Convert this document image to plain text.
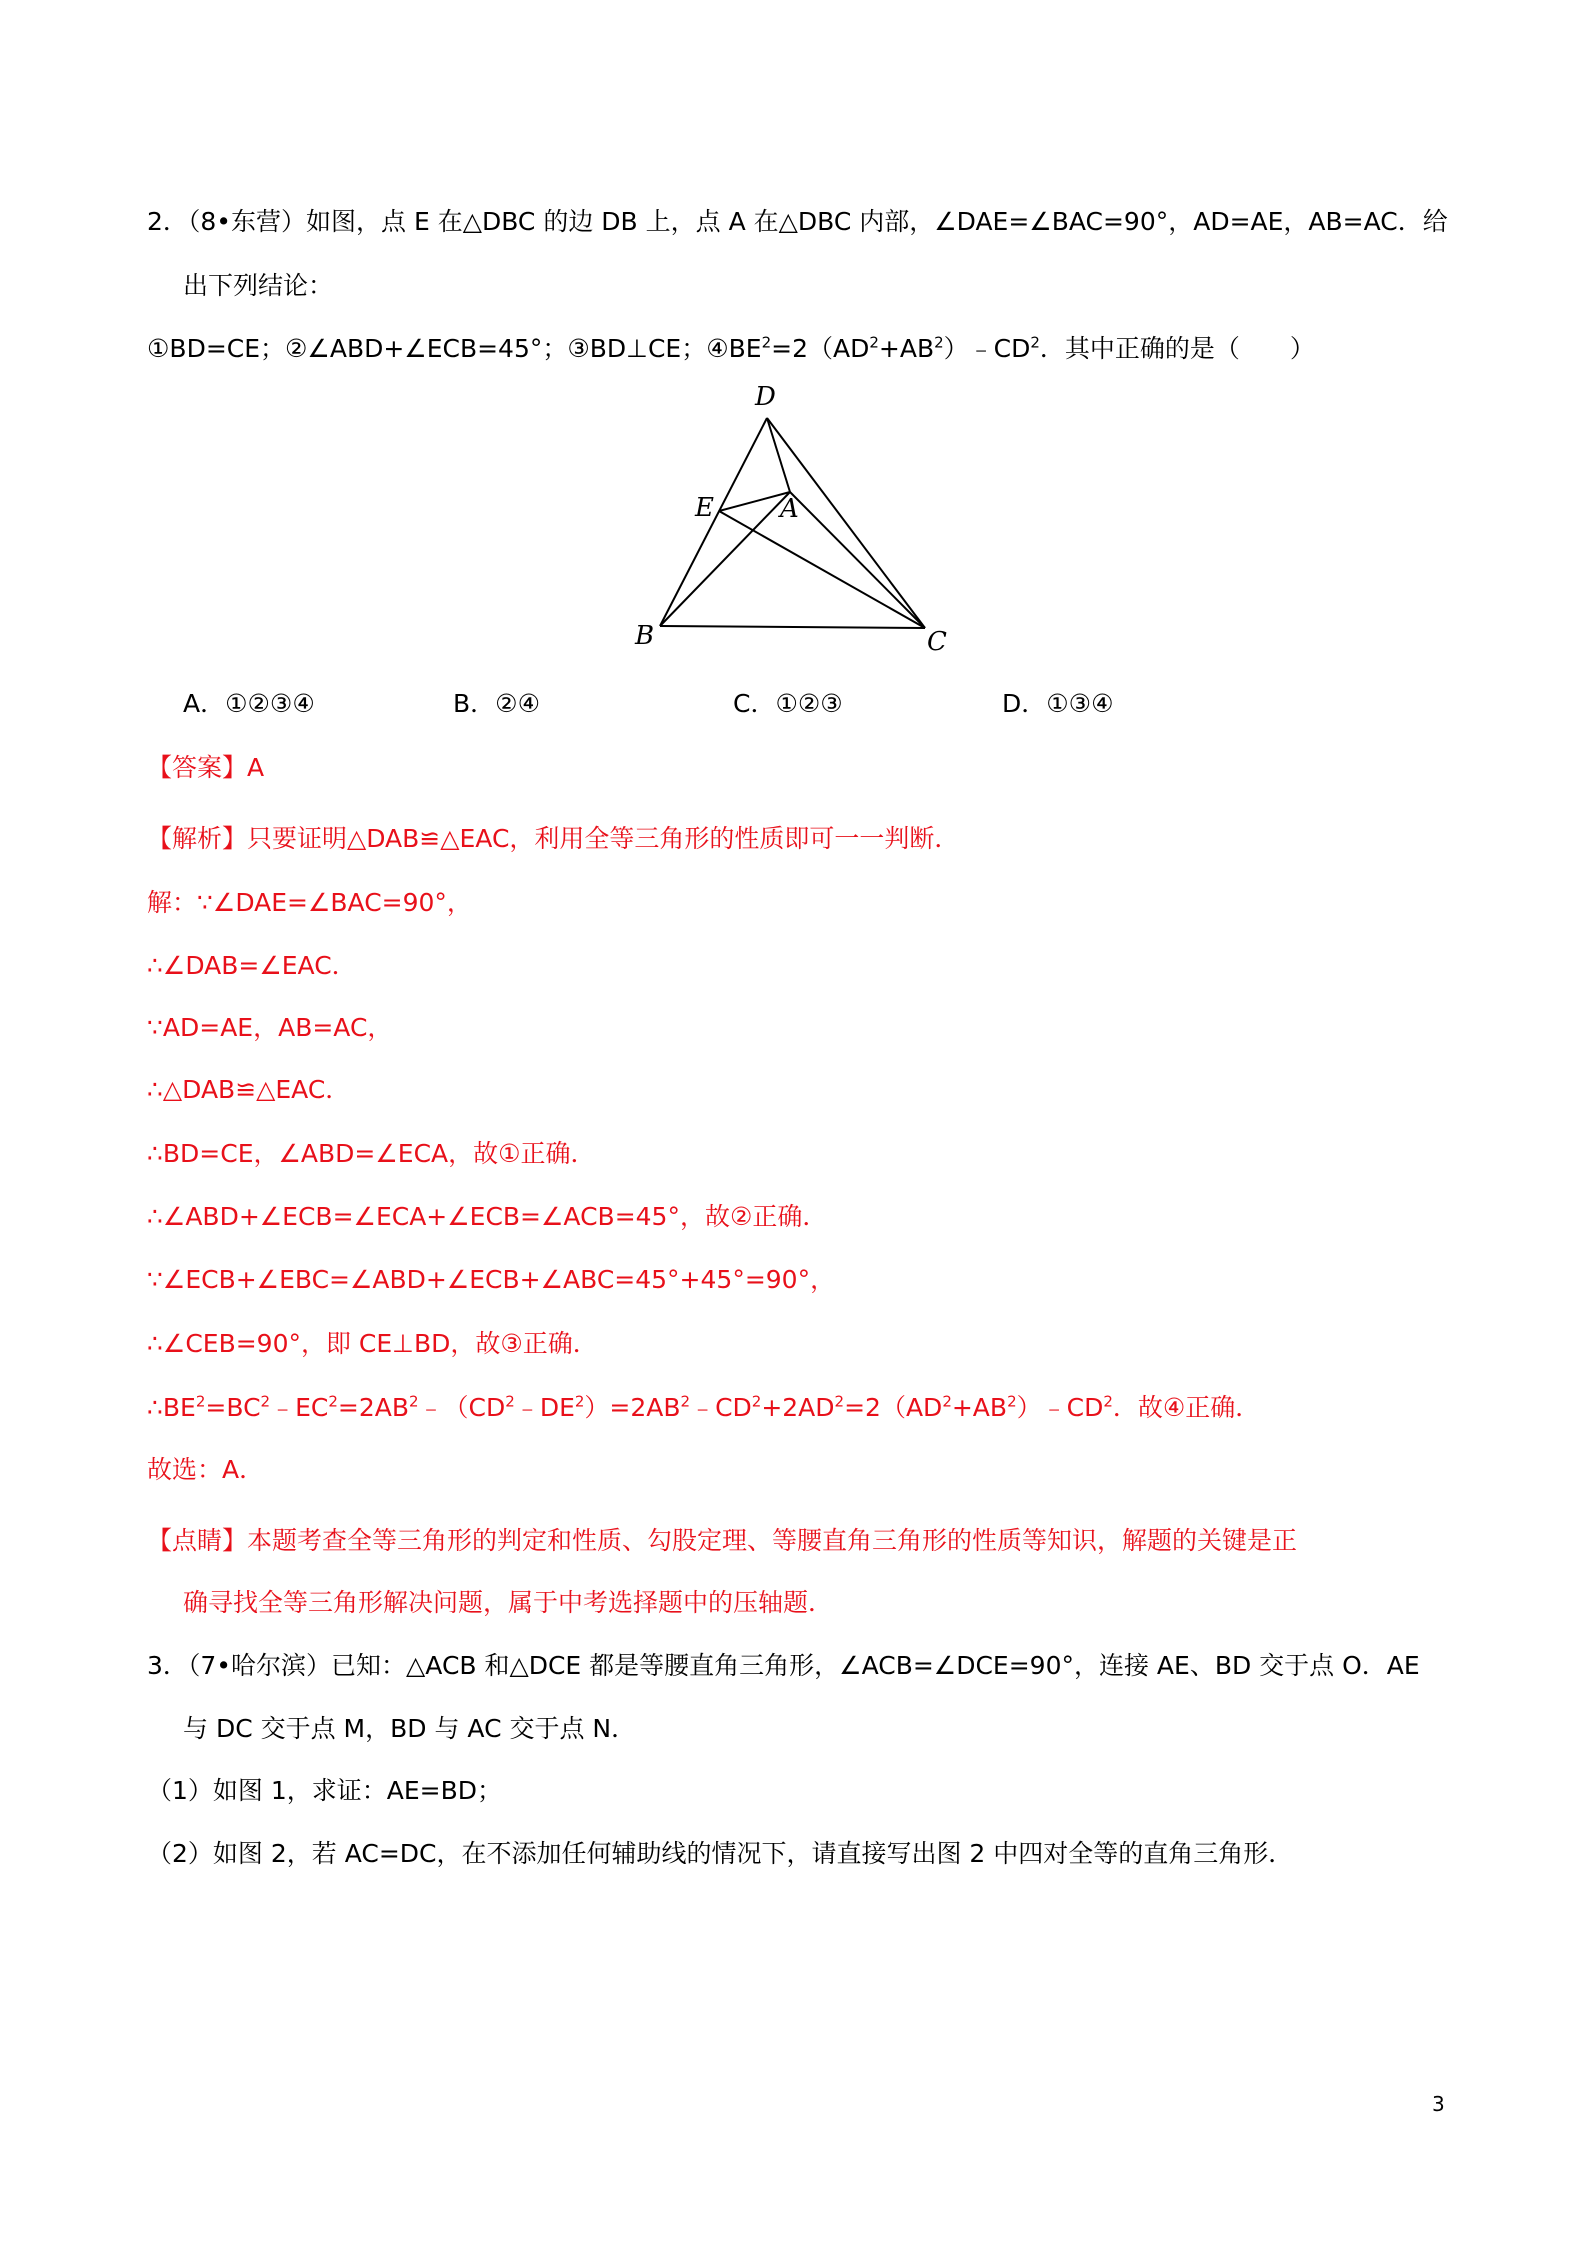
2．（8•东营）如图，点 E 在△DBC 的边 DB 上，点 A 在△DBC 内部，∠DAE=∠BAC=90°，AD=AE，AB=AC．给
出下列结论：
①BD=CE；②∠ABD+∠ECB=45°；③BD⊥CE；$④BE^2=2(AD^2+AB^2)﹣CD^2$．其中正确的是（　　）
D
E	A
B	C
A．①②③④	B．②④	C．①②③	D．①③④
【答案】A
【解析】只要证明△DAB≌△EAC，利用全等三角形的性质即可一一判断．
解：∵∠DAE=∠BAC=90°，
∴∠DAB=∠EAC．
∵AD=AE，AB=AC，
∴△DAB≌△EAC．
∴BD=CE，∠ABD=∠ECA，故①正确．
∴∠ABD+∠ECB=∠ECA+∠ECB=∠ACB=45°，故②正确．
∵∠ECB+∠EBC=∠ABD+∠ECB+∠ABC=45°+45°=90°，
∴∠CEB=90°，即 CE⊥BD，故③正确．
$\therefore BE^2=BC^2﹣EC^2=2AB^2﹣(CD^2﹣DE^2)=2AB^2﹣CD^2+2AD^2=2(AD^2+AB^2)﹣CD^2$．故④正确．
故选：A．
【点睛】本题考查全等三角形的判定和性质、勾股定理、等腰直角三角形的性质等知识，解题的关键是正
确寻找全等三角形解决问题，属于中考选择题中的压轴题．
3．（7•哈尔滨）已知：△ACB 和△DCE 都是等腰直角三角形，∠ACB=∠DCE=90°，连接 AE、BD 交于点 O．AE
与 DC 交于点 M，BD 与 AC 交于点 N．
（1）如图 1，求证：AE=BD；
（2）如图 2，若 AC=DC，在不添加任何辅助线的情况下，请直接写出图 2 中四对全等的直角三角形．
3
